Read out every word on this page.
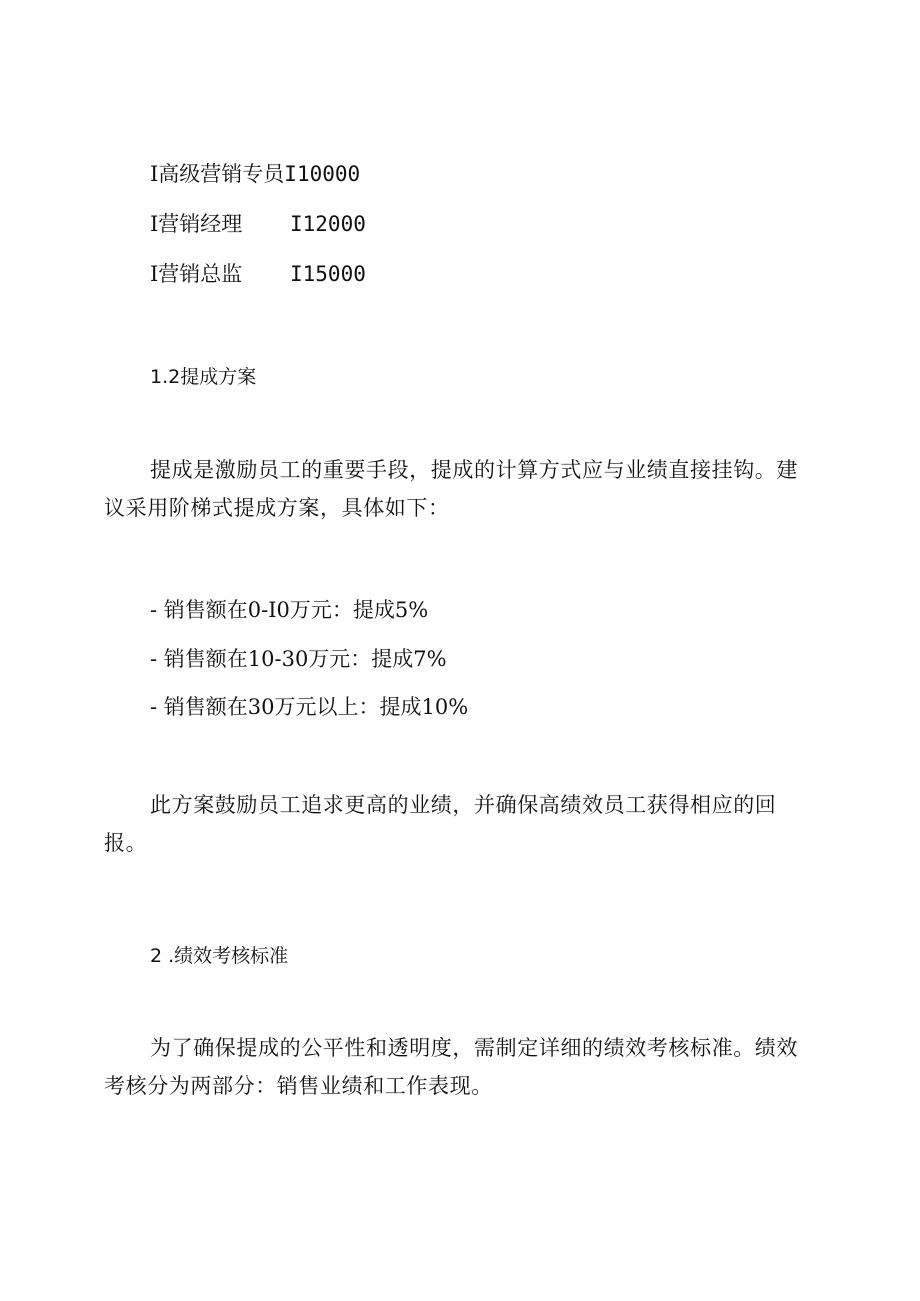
I高级营销专员I10000
I营销经理 I12000
I营销总监 I15000
1.2提成方案
提成是激励员工的重要手段，提成的计算方式应与业绩直接挂钩。建议采用阶梯式提成方案，具体如下：
- 销售额在0-I0万元：提成5%
- 销售额在10-30万元：提成7%
- 销售额在30万元以上：提成10%
此方案鼓励员工追求更高的业绩，并确保高绩效员工获得相应的回报。
2 .绩效考核标准
为了确保提成的公平性和透明度，需制定详细的绩效考核标准。绩效考核分为两部分：销售业绩和工作表现。
